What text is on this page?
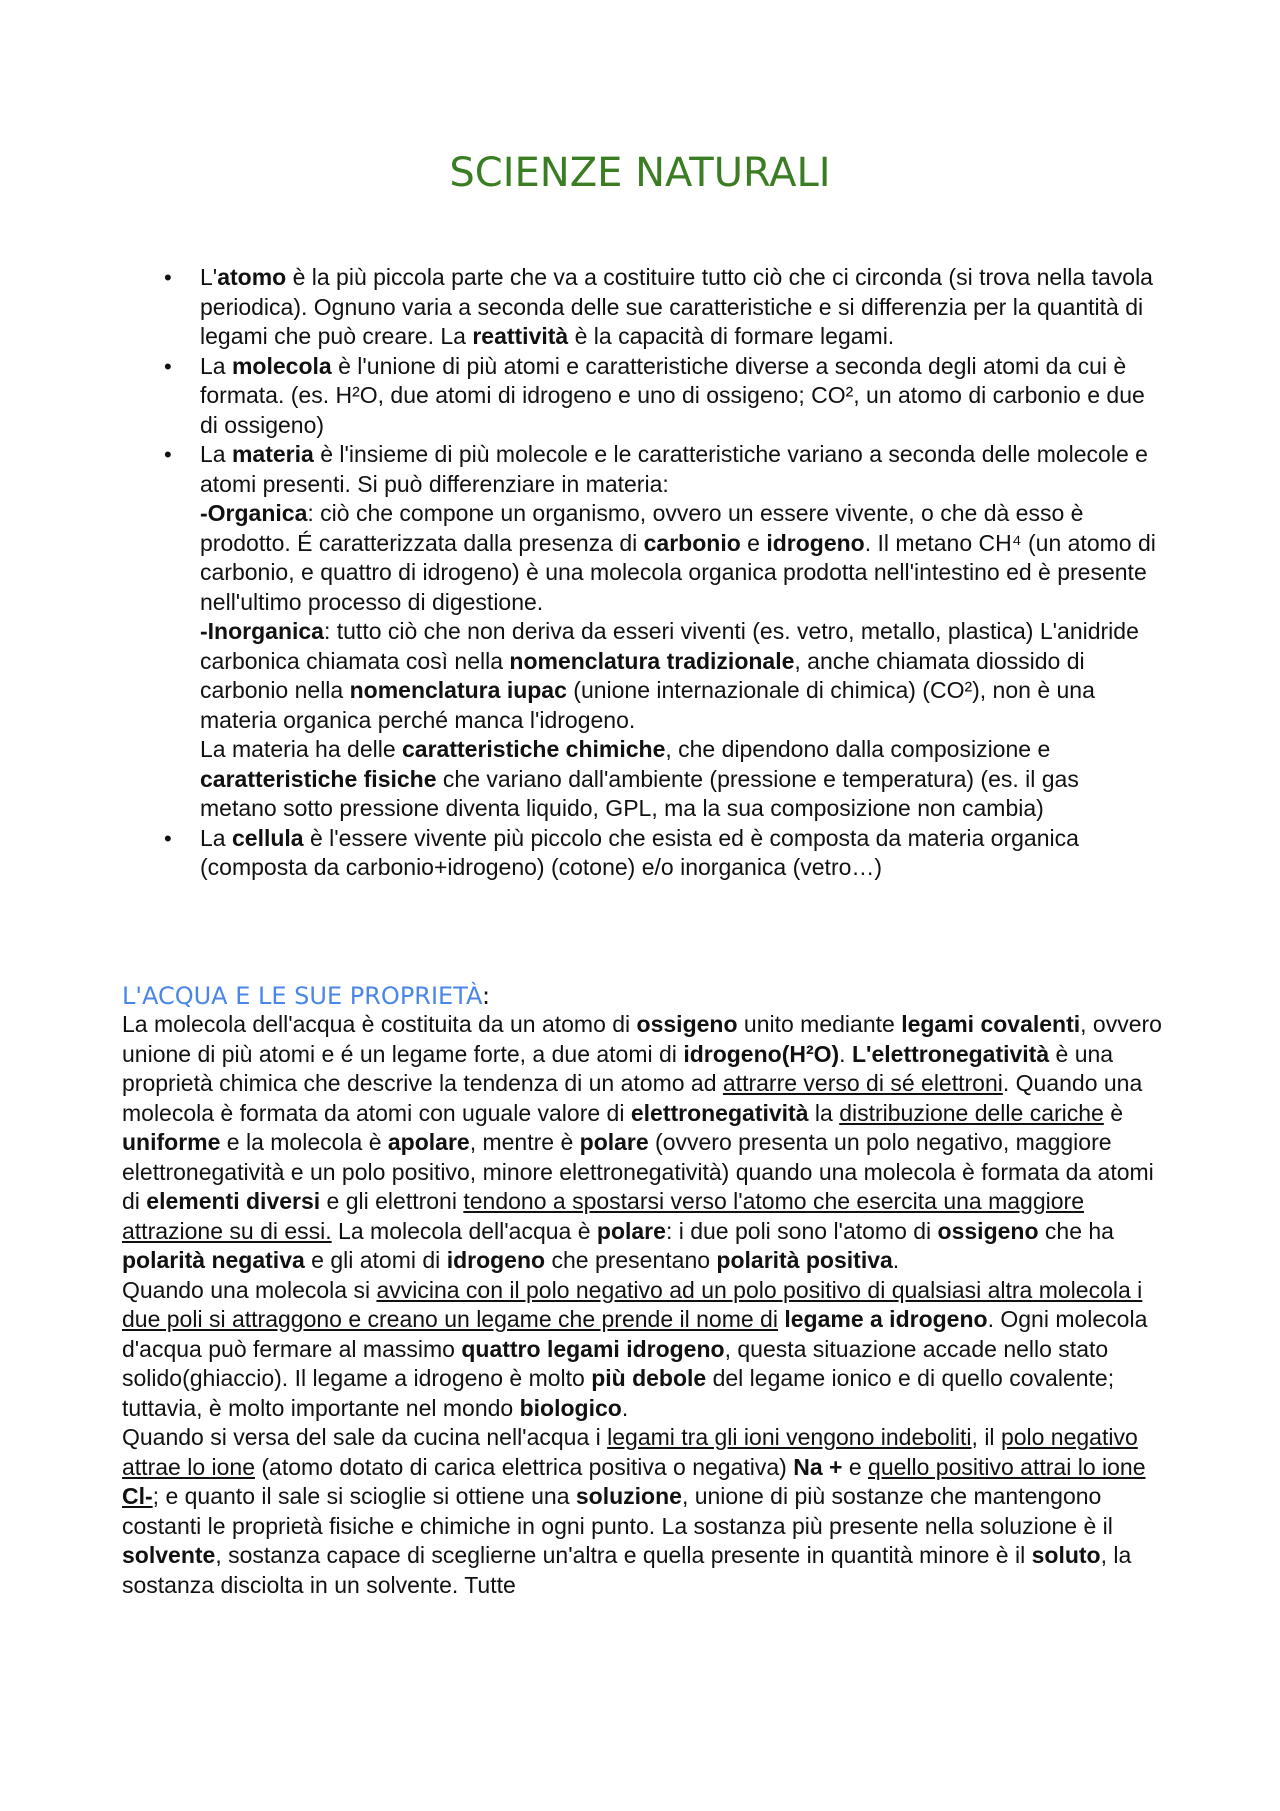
SCIENZE NATURALI
• L'atomo è la più piccola parte che va a costituire tutto ciò che ci circonda (si trova nella tavola periodica). Ognuno varia a seconda delle sue caratteristiche e si differenzia per la quantità di legami che può creare. La reattività è la capacità di formare legami.
• La molecola è l'unione di più atomi e caratteristiche diverse a seconda degli atomi da cui è formata. (es. H²O, due atomi di idrogeno e uno di ossigeno; CO², un atomo di carbonio e due di ossigeno)
• La materia è l'insieme di più molecole e le caratteristiche variano a seconda delle molecole e atomi presenti. Si può differenziare in materia:
-Organica: ciò che compone un organismo, ovvero un essere vivente, o che dà esso è prodotto. É caratterizzata dalla presenza di carbonio e idrogeno. Il metano CH⁴ (un atomo di carbonio, e quattro di idrogeno) è una molecola organica prodotta nell'intestino ed è presente nell'ultimo processo di digestione.
-Inorganica: tutto ciò che non deriva da esseri viventi (es. vetro, metallo, plastica) L'anidride carbonica chiamata così nella nomenclatura tradizionale, anche chiamata diossido di carbonio nella nomenclatura iupac (unione internazionale di chimica) (CO²), non è una materia organica perché manca l'idrogeno.
La materia ha delle caratteristiche chimiche, che dipendono dalla composizione e caratteristiche fisiche che variano dall'ambiente (pressione e temperatura) (es. il gas metano sotto pressione diventa liquido, GPL, ma la sua composizione non cambia)
• La cellula è l'essere vivente più piccolo che esista ed è composta da materia organica (composta da carbonio+idrogeno) (cotone) e/o inorganica (vetro…)
L'ACQUA E LE SUE PROPRIETÀ:

La molecola dell'acqua è costituita da un atomo di ossigeno unito mediante legami covalenti, ovvero unione di più atomi e é un legame forte, a due atomi di idrogeno(H²O). L'elettronegatività è una proprietà chimica che descrive la tendenza di un atomo ad attrarre verso di sé elettroni. Quando una molecola è formata da atomi con uguale valore di elettronegatività la distribuzione delle cariche è uniforme e la molecola è apolare, mentre è polare (ovvero presenta un polo negativo, maggiore elettronegatività e un polo positivo, minore elettronegatività) quando una molecola è formata da atomi di elementi diversi e gli elettroni tendono a spostarsi verso l'atomo che esercita una maggiore attrazione su di essi. La molecola dell'acqua è polare: i due poli sono l'atomo di ossigeno che ha polarità negativa e gli atomi di idrogeno che presentano polarità positiva.
Quando una molecola si avvicina con il polo negativo ad un polo positivo di qualsiasi altra molecola i due poli si attraggono e creano un legame che prende il nome di legame a idrogeno. Ogni molecola d'acqua può fermare al massimo quattro legami idrogeno, questa situazione accade nello stato solido(ghiaccio). Il legame a idrogeno è molto più debole del legame ionico e di quello covalente; tuttavia, è molto importante nel mondo biologico.
Quando si versa del sale da cucina nell'acqua i legami tra gli ioni vengono indeboliti, il polo negativo attrae lo ione (atomo dotato di carica elettrica positiva o negativa) Na + e quello positivo attrai lo ione Cl-; e quanto il sale si scioglie si ottiene una soluzione, unione di più sostanze che mantengono costanti le proprietà fisiche e chimiche in ogni punto. La sostanza più presente nella soluzione è il solvente, sostanza capace di sceglierne un'altra e quella presente in quantità minore è il soluto, la sostanza disciolta in un solvente. Tutte
